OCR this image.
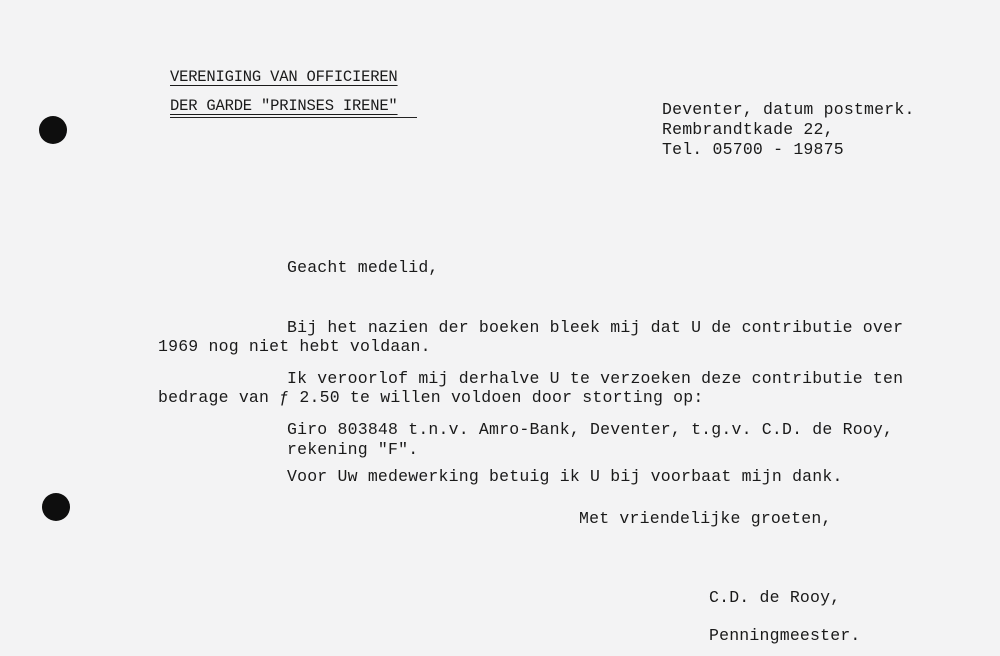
VERENIGING VAN OFFICIEREN
DER GARDE "PRINSES IRENE"	Deventer, datum postmerk.
Rembrandtkade 22,
Tel. 05700 - 19875
Geacht medelid,
Bij het nazien der boeken bleek mij dat U de contributie over
1969 nog niet hebt voldaan.
Ik veroorlof mij derhalve U te verzoeken deze contributie ten
bedrage van ƒ 2.50 te willen voldoen door storting op:
Giro 803848 t.n.v. Amro-Bank, Deventer, t.g.v. C.D. de Rooy,
rekening "F".
Voor Uw medewerking betuig ik U bij voorbaat mijn dank.
Met vriendelijke groeten,
C.D. de Rooy,
Penningmeester.
